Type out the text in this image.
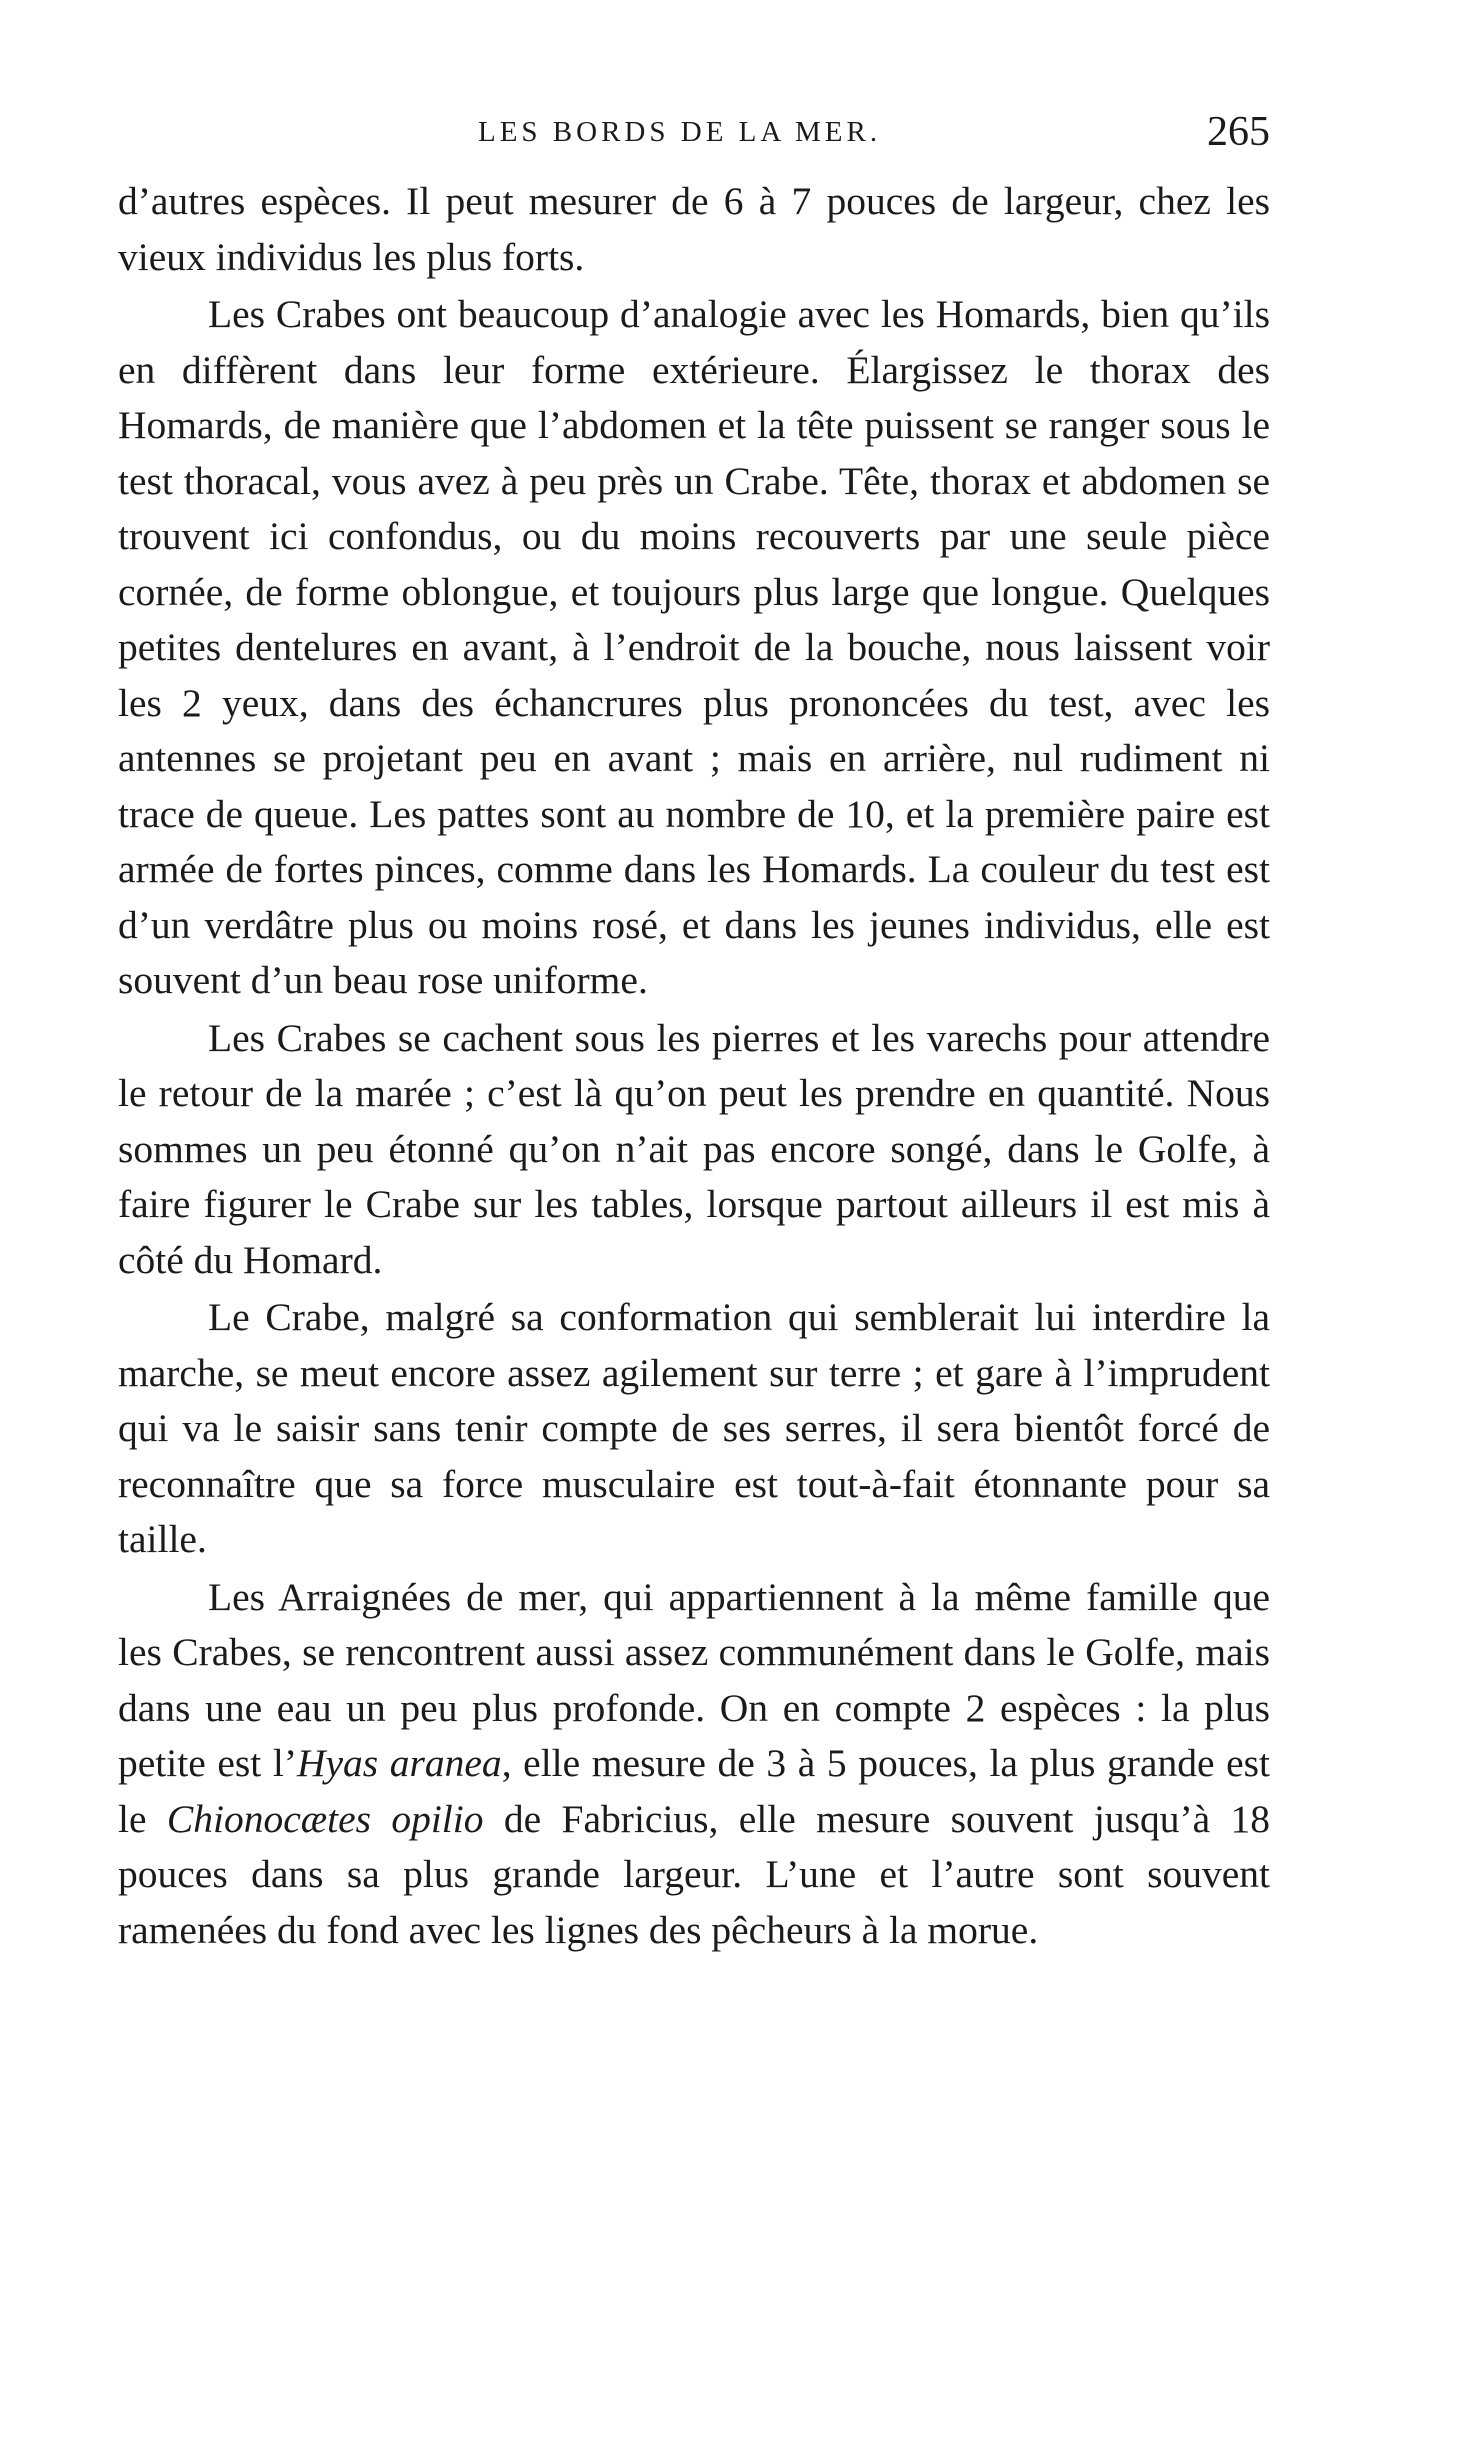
LES BORDS DE LA MER.	265

d’autres espèces. Il peut mesurer de 6 à 7 pouces de largeur, chez les vieux individus les plus forts.

Les Crabes ont beaucoup d’analogie avec les Homards, bien qu’ils en diffèrent dans leur forme extérieure. Élargissez le thorax des Homards, de manière que l’abdomen et la tête puissent se ranger sous le test thoracal, vous avez à peu près un Crabe. Tête, thorax et abdomen se trouvent ici confondus, ou du moins recouverts par une seule pièce cornée, de forme oblongue, et toujours plus large que longue. Quelques petites dentelures en avant, à l’endroit de la bouche, nous laissent voir les 2 yeux, dans des échancrures plus prononcées du test, avec les antennes se projetant peu en avant ; mais en arrière, nul rudiment ni trace de queue. Les pattes sont au nombre de 10, et la première paire est armée de fortes pinces, comme dans les Homards. La couleur du test est d’un verdâtre plus ou moins rosé, et dans les jeunes individus, elle est souvent d’un beau rose uniforme.

Les Crabes se cachent sous les pierres et les varechs pour attendre le retour de la marée ; c’est là qu’on peut les prendre en quantité. Nous sommes un peu étonné qu’on n’ait pas encore songé, dans le Golfe, à faire figurer le Crabe sur les tables, lorsque partout ailleurs il est mis à côté du Homard.

Le Crabe, malgré sa conformation qui semblerait lui interdire la marche, se meut encore assez agilement sur terre ; et gare à l’imprudent qui va le saisir sans tenir compte de ses serres, il sera bientôt forcé de reconnaître que sa force musculaire est tout-à-fait étonnante pour sa taille.

Les Arraignées de mer, qui appartiennent à la même famille que les Crabes, se rencontrent aussi assez communément dans le Golfe, mais dans une eau un peu plus profonde. On en compte 2 espèces : la plus petite est l’Hyas aranea, elle mesure de 3 à 5 pouces, la plus grande est le Chionocætes opilio de Fabricius, elle mesure souvent jusqu’à 18 pouces dans sa plus grande largeur. L’une et l’autre sont souvent ramenées du fond avec les lignes des pêcheurs à la morue.
